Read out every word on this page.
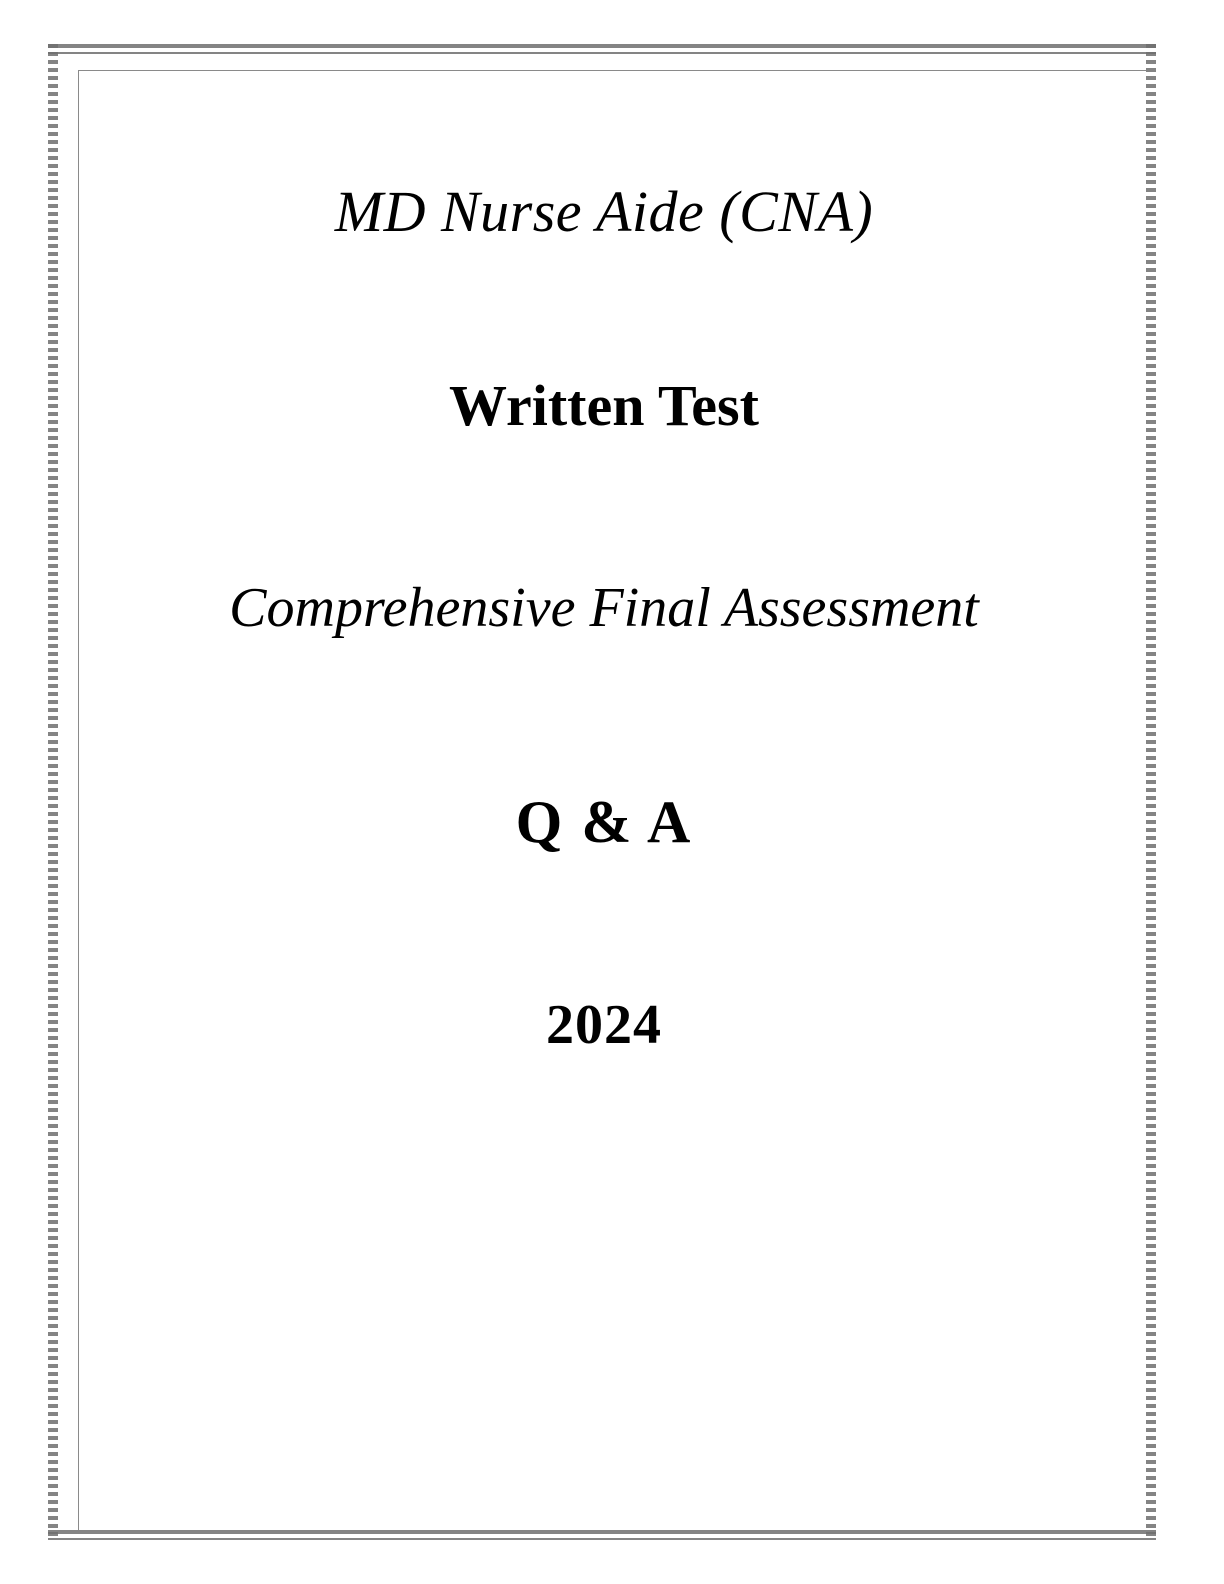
MD Nurse Aide (CNA)
Written Test
Comprehensive Final Assessment
Q & A
2024
